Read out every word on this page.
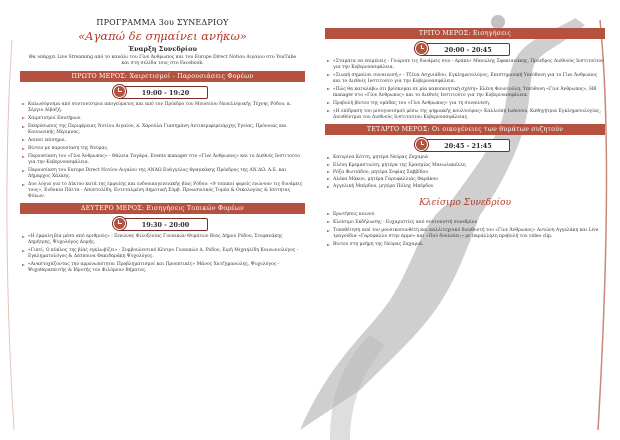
ΠΡΟΓΡΑΜΜΑ 3ου ΣΥΝΕΔΡΙΟΥ
«Αγαπώ δε σημαίνει ανήκω»
Έναρξη Συνεδρίου
Θα υπάρχει Live Streaming από το κανάλι του Γίνε Άνθρωπος και του Europe Direct Notίου Αιγαίου στο YouTube και στη σελίδα τους στο Facebook.
ΠΡΩΤΟ ΜΕΡΟΣ: Χαιρετισμοί - Παρουσιάσεις Φορέων
19:00 - 19:20
Καλωσόρισμα από συντονίστρια απογεύματος και από τον Πρόεδρο του Μουσείου Νεοελληνικής Τέχνης Ρόδου, κ. Σέργιο Αϊβαζή.
Χαιρετισμοί Επισήμων.
Εκπρόσωπος της Περιφέρειας Νοτίου Αιγαίου, κ. Χαρούλα Γιασημάνη Αντιπεριφερειάρχης Υγείας, Πρόνοιας και Κοινωνικής Μέριμνας.
Λοιποί επίσημοι.
Βίντεο με παρουσίαση της Νεύρας.
Παρουσίαση του «Γίνε Άνθρωπος» - Θάλεια Ταγάρα, Events manager στο «Γίνε Άνθρωπος» και το Διεθνές Ινστιτούτο για την Κυβερνοασφάλεια.
Παρουσίαση του Europe Direct Νοτίου Αιγαίου της ΑΝΔΩ Ευάγγελος Φραγκάκης Πρόεδρος της ΑΝ.ΔΩ. Α.Ε. και Δήμαρχος Χάλκης.
Δυο λόγια για το Δίκτυο κατά της έμφυλης και ενδοοικογενειακής βίας Ρόδου: «9 τοπικοί φορείς ενώνουν τις δυνάμεις τους», Ευδοκία Πάττα - Αποστολίδη, Εντεταλμένη Δημοτική Σύμβ. Προωσυνικός Τομέα & Οικολογίας & Ισότητας Φύλων.
ΔΕΥΤΕΡΟ ΜΕΡΟΣ: Εισηγήσεις Τοπικών Φορέων
19:30 - 20:00
«Η έμφυλη βία μέσα από αριθμούς» - Ξενώνας Φιλοξενίας Γυναικών Θυμάτων Βίας Δήμου Ρόδου, Στεφανάκης Δημήτρης, Ψυχολόγος Δομής.
«Γιατί; Ο κύκλος της βίας εγκλωβίζει» - Συμβουλευτικό Κέντρο Γυναικών Δ. Ρόδου, Ειρή Μιχαηλίδη Κοινωνιολόγος - Εγκληματολόγος & Δέσποινα Φακιδαράκη Ψυχολόγος.
«Αναστοχάζοντας την αρρενωπότητα: Προβληματισμοί και Προοπτικές» Μάνος Χατζημανώλης, Ψυχολόγος - Ψυχοθεραπευτής & Ιδρυτής του Φιλόμουν Βήματος.
ΤΡΙΤΟ ΜΕΡΟΣ: Εισηγήσεις
20:00 - 20:45
«Σταμάτα να επιμένεις - Γνώρισε τις δυνάμεις σου - Αράπε» Μανώλης Σφακιανάκης, Πρόεδρος Διεθνούς Ινστιτούτου για την Κυβερνοασφάλεια.
«Σιωπή σημαίνει συναινεσή;» - Τζένα Ασχνιάδου, Εγκληματολόγος, Επιστημονική Υπεύθυνη για το Γίνε Άνθρωπος και το Διεθνές Ινστιτούτο για την Κυβερνοασφάλεια.
«Πώς θα καταλάβω ότι βρίσκομαι σε μία κακοποιητική σχέση» Ελένη Φουντούλη, Υπεύθυνη «Γίνε Άνθρωπος», HR manager στο «Γίνε Άνθρωπος» και το Διεθνές Ινστιτούτο για την Κυβερνοασφάλεια.
Προβολή βίντεο της ομάδας του «Γίνε Άνθρωπος» για τη συναίνεση.
«Η επίδραση του μισογυνισμού μέσω της ψηφιακής κουλτούρας» Καλλιόπη Ιωάννου, Καθηγήτρια Εγκληματολογίας, Διευθύντρια του Διεθνούς Ινστιτούτου Κυβερνοασφάλειας.
ΤΕΤΑΡΤΟ ΜΕΡΟΣ: Οι οικογένειες των θυμάτων συζητούν
20:45 - 21:45
Κατερίνα Κόττη, μητέρα Νεύρας Ζαχαριά
Ελένη Κρεμαστιώτη, μητέρα της Ερασμίας Μανωλακέλλη
Ρόζα Φωτιάδου, μητέρα Σοφίας Σαββίδου
Αλέκα Μάκου, μητέρα Γαρυφαλλιάς Φαράκου
Αγγελική Μπέρδου, μητέρα Πόλης Μπέρδου
Κλείσιμο Συνεδρίου
Ερωτήσεις κοινού
Κλείσιμο Εκδήλωσης - Ευχαριστίες από συντονιστή συνεδρίου
Τοποθέτηση από τον μουσικοσυνθέτη και καλλιτεχνικό διευθυντή του «Γίνε Άνθρωπος» Αντώνη Αγγελάκη και Live τραγούδια «Γαρύφαλλο στην άμμο» και «Πού δουλεύει;» με παράλληλη προβολή του video clip.
Βίντεο στη μνήμη της Νεύρας Ζαχαριά.
